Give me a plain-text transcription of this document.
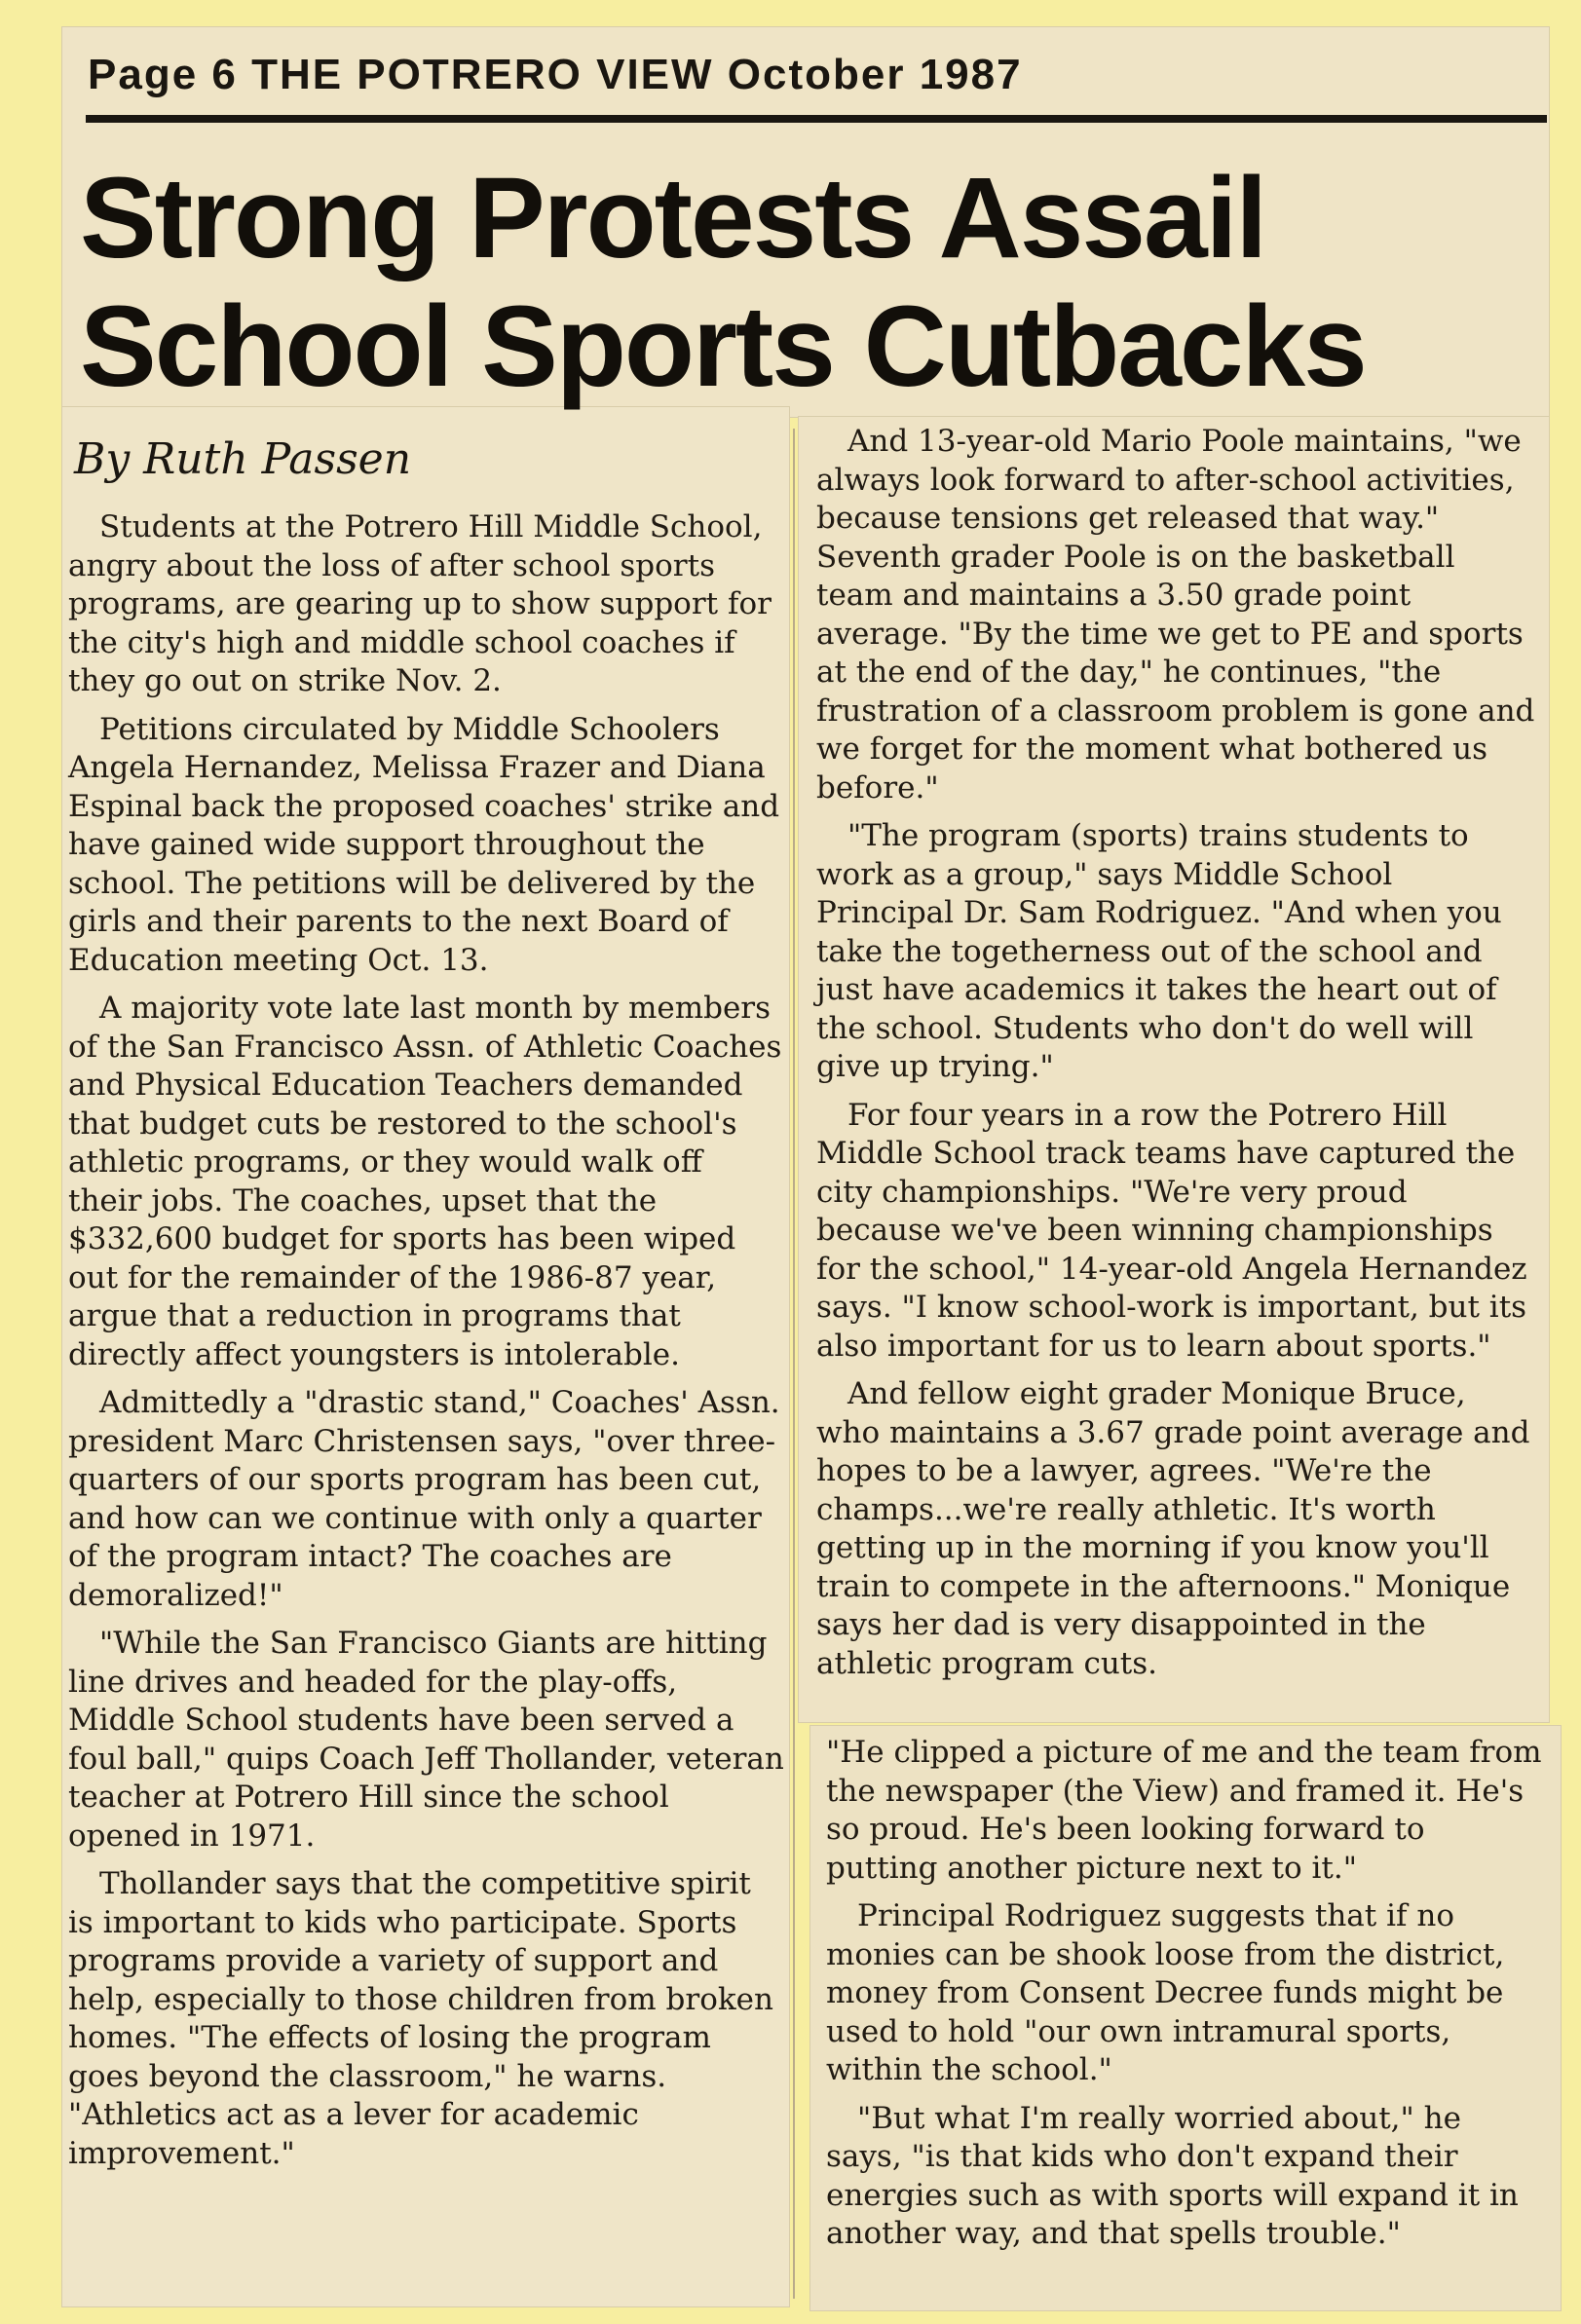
Page 6 THE POTRERO VIEW October 1987
Strong Protests Assail
School Sports Cutbacks
By Ruth Passen

Students at the Potrero Hill Middle School, angry about the loss of after school sports programs, are gearing up to show support for the city's high and middle school coaches if they go out on strike Nov. 2.

Petitions circulated by Middle Schoolers Angela Hernandez, Melissa Frazer and Diana Espinal back the proposed coaches' strike and have gained wide support throughout the school. The petitions will be delivered by the girls and their parents to the next Board of Education meeting Oct. 13.

A majority vote late last month by members of the San Francisco Assn. of Athletic Coaches and Physical Education Teachers demanded that budget cuts be restored to the school's athletic programs, or they would walk off their jobs. The coaches, upset that the $332,600 budget for sports has been wiped out for the remainder of the 1986-87 year, argue that a reduction in programs that directly affect youngsters is intolerable.

Admittedly a "drastic stand," Coaches' Assn. president Marc Christensen says, "over three-quarters of our sports program has been cut, and how can we continue with only a quarter of the program intact? The coaches are demoralized!"

"While the San Francisco Giants are hitting line drives and headed for the play-offs, Middle School students have been served a foul ball," quips Coach Jeff Thollander, veteran teacher at Potrero Hill since the school opened in 1971.

Thollander says that the competitive spirit is important to kids who participate. Sports programs provide a variety of support and help, especially to those children from broken homes. "The effects of losing the program goes beyond the classroom," he warns. "Athletics act as a lever for academic improvement."

And 13-year-old Mario Poole maintains, "we always look forward to after-school activities, because tensions get released that way." Seventh grader Poole is on the basketball team and maintains a 3.50 grade point average. "By the time we get to PE and sports at the end of the day," he continues, "the frustration of a classroom problem is gone and we forget for the moment what bothered us before."

"The program (sports) trains students to work as a group," says Middle School Principal Dr. Sam Rodriguez. "And when you take the togetherness out of the school and just have academics it takes the heart out of the school. Students who don't do well will give up trying."

For four years in a row the Potrero Hill Middle School track teams have captured the city championships. "We're very proud because we've been winning championships for the school," 14-year-old Angela Hernandez says. "I know school-work is important, but its also important for us to learn about sports."

And fellow eight grader Monique Bruce, who maintains a 3.67 grade point average and hopes to be a lawyer, agrees. "We're the champs...we're really athletic. It's worth getting up in the morning if you know you'll train to compete in the afternoons." Monique says her dad is very disappointed in the athletic program cuts.

"He clipped a picture of me and the team from the newspaper (the View) and framed it. He's so proud. He's been looking forward to putting another picture next to it."

Principal Rodriguez suggests that if no monies can be shook loose from the district, money from Consent Decree funds might be used to hold "our own intramural sports, within the school."

"But what I'm really worried about," he says, "is that kids who don't expand their energies such as with sports will expand it in another way, and that spells trouble."
